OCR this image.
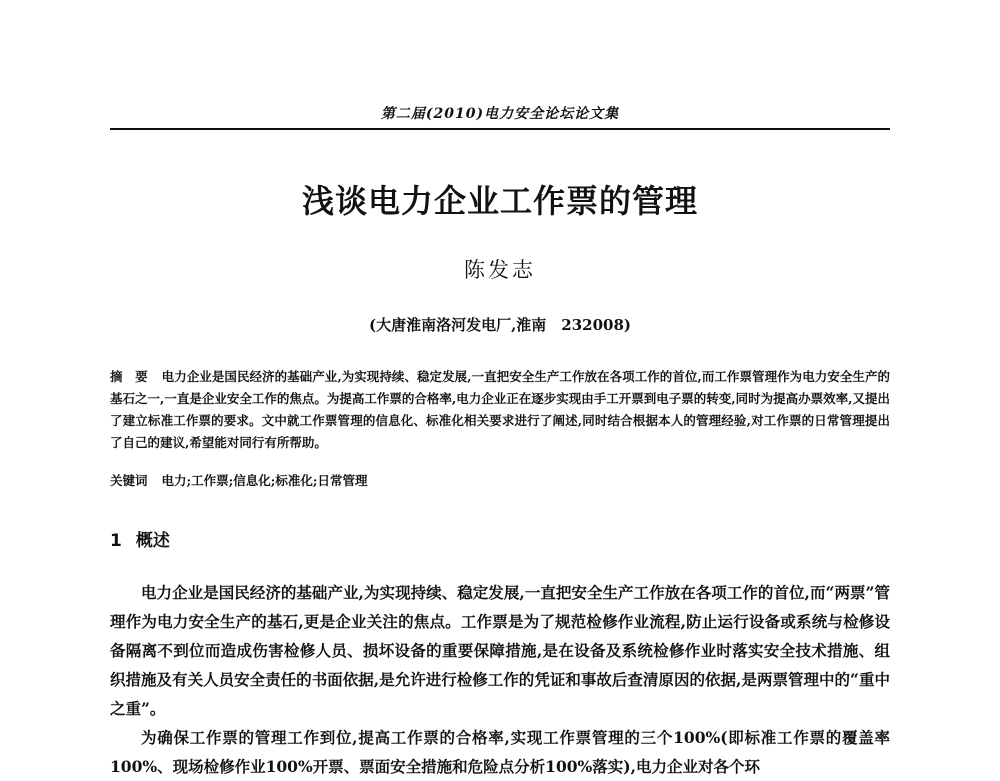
第二届(2010)电力安全论坛论文集
浅谈电力企业工作票的管理
陈发志
(大唐淮南洛河发电厂,淮南　232008)
摘　要 电力企业是国民经济的基础产业,为实现持续、稳定发展,一直把安全生产工作放在各项工作的首位,而工作票管理作为电力安全生产的基石之一,一直是企业安全工作的焦点。为提高工作票的合格率,电力企业正在逐步实现由手工开票到电子票的转变,同时为提高办票效率,又提出了建立标准工作票的要求。文中就工作票管理的信息化、标准化相关要求进行了阐述,同时结合根据本人的管理经验,对工作票的日常管理提出了自己的建议,希望能对同行有所帮助。
关键词 电力;工作票;信息化;标准化;日常管理
1 概述

电力企业是国民经济的基础产业,为实现持续、稳定发展,一直把安全生产工作放在各项工作的首位,而“两票”管理作为电力安全生产的基石,更是企业关注的焦点。工作票是为了规范检修作业流程,防止运行设备或系统与检修设备隔离不到位而造成伤害检修人员、损坏设备的重要保障措施,是在设备及系统检修作业时落实安全技术措施、组织措施及有关人员安全责任的书面依据,是允许进行检修工作的凭证和事故后查清原因的依据,是两票管理中的“重中之重”。

为确保工作票的管理工作到位,提高工作票的合格率,实现工作票管理的三个100%(即标准工作票的覆盖率100%、现场检修作业100%开票、票面安全措施和危险点分析100%落实),电力企业对各个环
